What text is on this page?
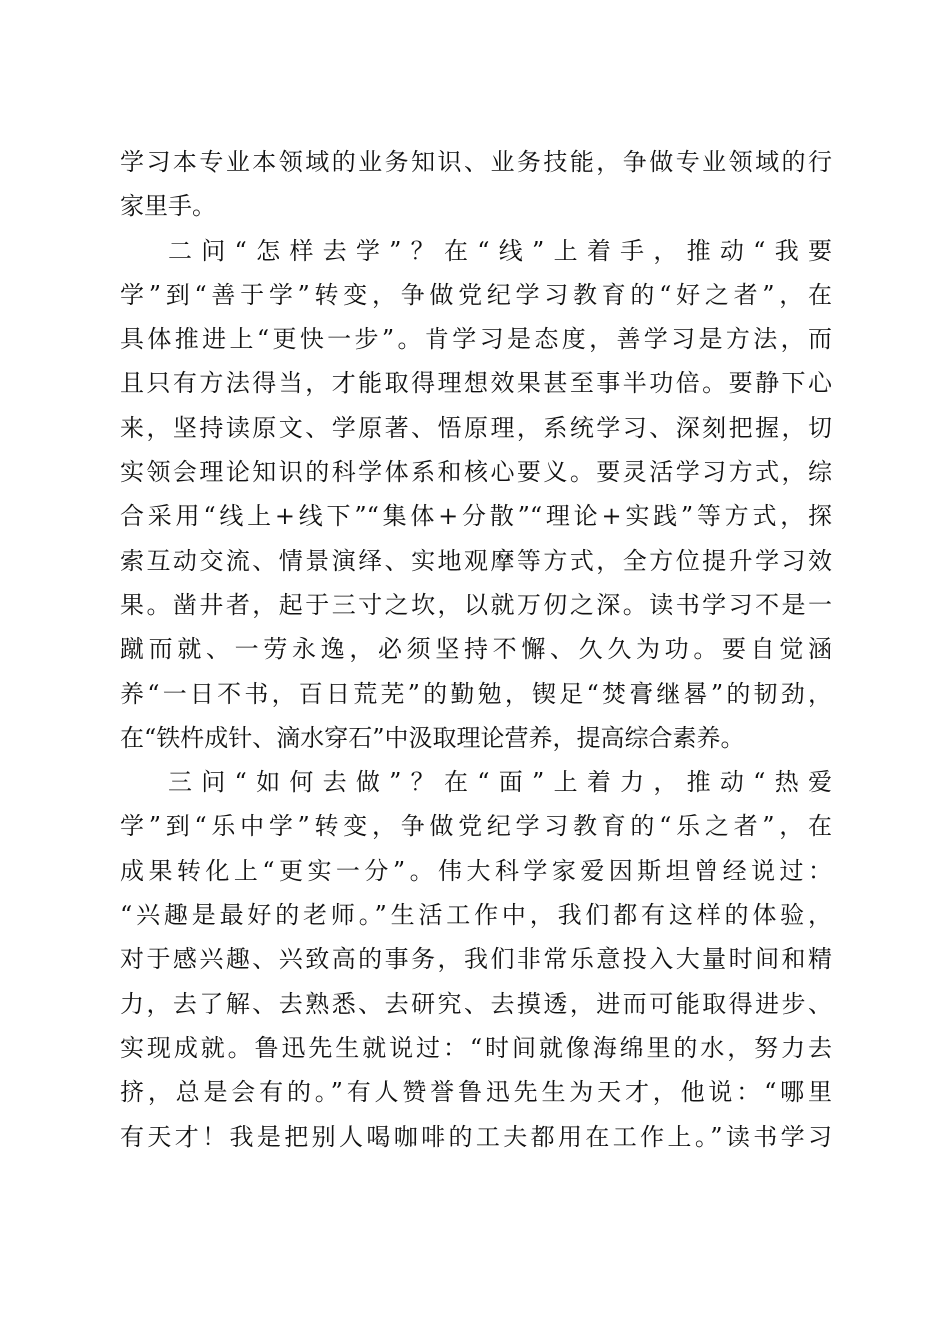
学习本专业本领域的业务知识、业务技能，争做专业领域的行
家里手。
二问“怎样去学”？在“线”上着手，推动“我要
学”到“善于学”转变，争做党纪学习教育的“好之者”，在
具体推进上“更快一步”。肯学习是态度，善学习是方法，而
且只有方法得当，才能取得理想效果甚至事半功倍。要静下心
来，坚持读原文、学原著、悟原理，系统学习、深刻把握，切
实领会理论知识的科学体系和核心要义。要灵活学习方式，综
合采用“线上+线下”“集体+分散”“理论+实践”等方式，探
索互动交流、情景演绎、实地观摩等方式，全方位提升学习效
果。凿井者，起于三寸之坎，以就万仞之深。读书学习不是一
蹴而就、一劳永逸，必须坚持不懈、久久为功。要自觉涵
养“一日不书，百日荒芜”的勤勉，锲足“焚膏继晷”的韧劲，
在“铁杵成针、滴水穿石”中汲取理论营养，提高综合素养。
三问“如何去做”？在“面”上着力，推动“热爱
学”到“乐中学”转变，争做党纪学习教育的“乐之者”，在
成果转化上“更实一分”。伟大科学家爱因斯坦曾经说过：
“兴趣是最好的老师。”生活工作中，我们都有这样的体验，
对于感兴趣、兴致高的事务，我们非常乐意投入大量时间和精
力，去了解、去熟悉、去研究、去摸透，进而可能取得进步、
实现成就。鲁迅先生就说过：“时间就像海绵里的水，努力去
挤，总是会有的。”有人赞誉鲁迅先生为天才，他说：“哪里
有天才！我是把别人喝咖啡的工夫都用在工作上。”读书学习
